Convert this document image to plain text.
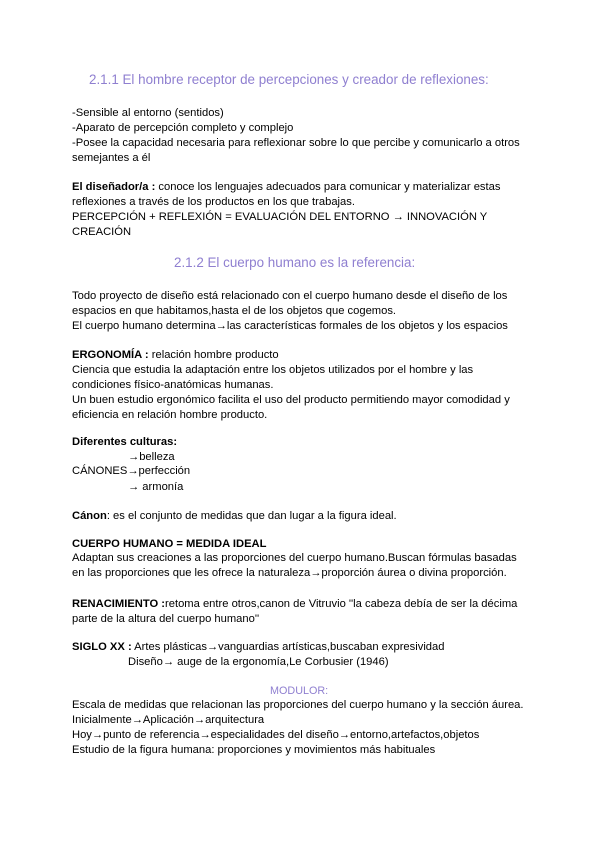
2.1.1 El hombre receptor de percepciones y creador de reflexiones:
-Sensible al entorno (sentidos)
-Aparato de percepción completo y complejo
-Posee la capacidad necesaria para reflexionar sobre lo que percibe y comunicarlo a otros
semejantes a él
El diseñador/a : conoce los lenguajes adecuados para comunicar y materializar estas
reflexiones a través de los productos en los que trabajas.
PERCEPCIÓN + REFLEXIÓN = EVALUACIÓN DEL ENTORNO → INNOVACIÓN Y
CREACIÓN
2.1.2 El cuerpo humano es la referencia:
Todo proyecto de diseño está relacionado con el cuerpo humano desde el diseño de los
espacios en que habitamos,hasta el de los objetos que cogemos.
El cuerpo humano determina→las características formales de los objetos y los espacios
ERGONOMÍA : relación hombre producto
Ciencia que estudia la adaptación entre los objetos utilizados por el hombre y las
condiciones físico-anatómicas humanas.
Un buen estudio ergonómico facilita el uso del producto permitiendo mayor comodidad y
eficiencia en relación hombre producto.
Diferentes culturas:
→belleza
CÁNONES→perfección
→ armonía
Cánon: es el conjunto de medidas que dan lugar a la figura ideal.
CUERPO HUMANO = MEDIDA IDEAL
Adaptan sus creaciones a las proporciones del cuerpo humano.Buscan fórmulas basadas
en las proporciones que les ofrece la naturaleza→proporción áurea o divina proporción.
RENACIMIENTO :retoma entre otros,canon de Vitruvio ''la cabeza debía de ser la décima
parte de la altura del cuerpo humano''
SIGLO XX : Artes plásticas→vanguardias artísticas,buscaban expresividad
Diseño→ auge de la ergonomía,Le Corbusier (1946)
MODULOR:
Escala de medidas que relacionan las proporciones del cuerpo humano y la sección áurea.
Inicialmente→Aplicación→arquitectura
Hoy→punto de referencia→especialidades del diseño→entorno,artefactos,objetos
Estudio de la figura humana: proporciones y movimientos más habituales
